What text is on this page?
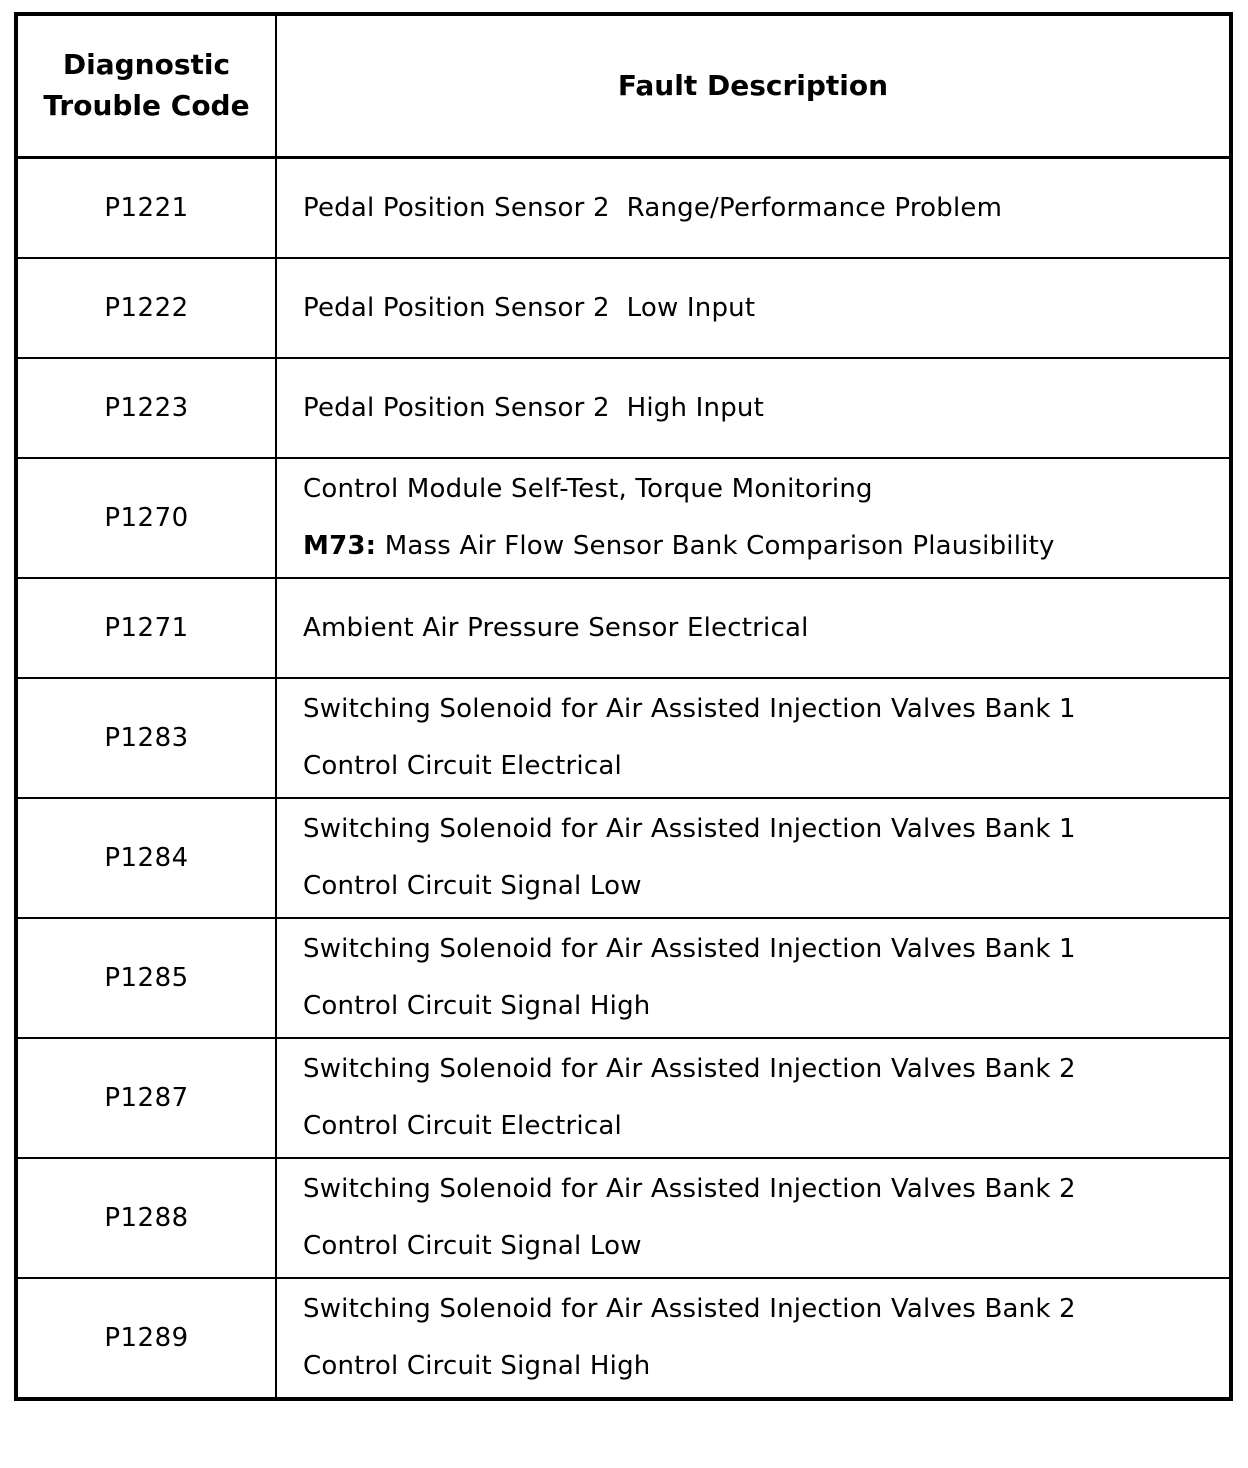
Diagnostic Trouble Code	Fault Description
P1221	Pedal Position Sensor 2  Range/Performance Problem

P1222	Pedal Position Sensor 2  Low Input

P1223	Pedal Position Sensor 2  High Input

P1270	Control Module Self-Test, Torque Monitoring
M73: Mass Air Flow Sensor Bank Comparison Plausibility

P1271	Ambient Air Pressure Sensor Electrical

P1283	Switching Solenoid for Air Assisted Injection Valves Bank 1
Control Circuit Electrical

P1284	Switching Solenoid for Air Assisted Injection Valves Bank 1
Control Circuit Signal Low

P1285	Switching Solenoid for Air Assisted Injection Valves Bank 1
Control Circuit Signal High

P1287	Switching Solenoid for Air Assisted Injection Valves Bank 2
Control Circuit Electrical

P1288	Switching Solenoid for Air Assisted Injection Valves Bank 2
Control Circuit Signal Low

P1289	Switching Solenoid for Air Assisted Injection Valves Bank 2
Control Circuit Signal High
